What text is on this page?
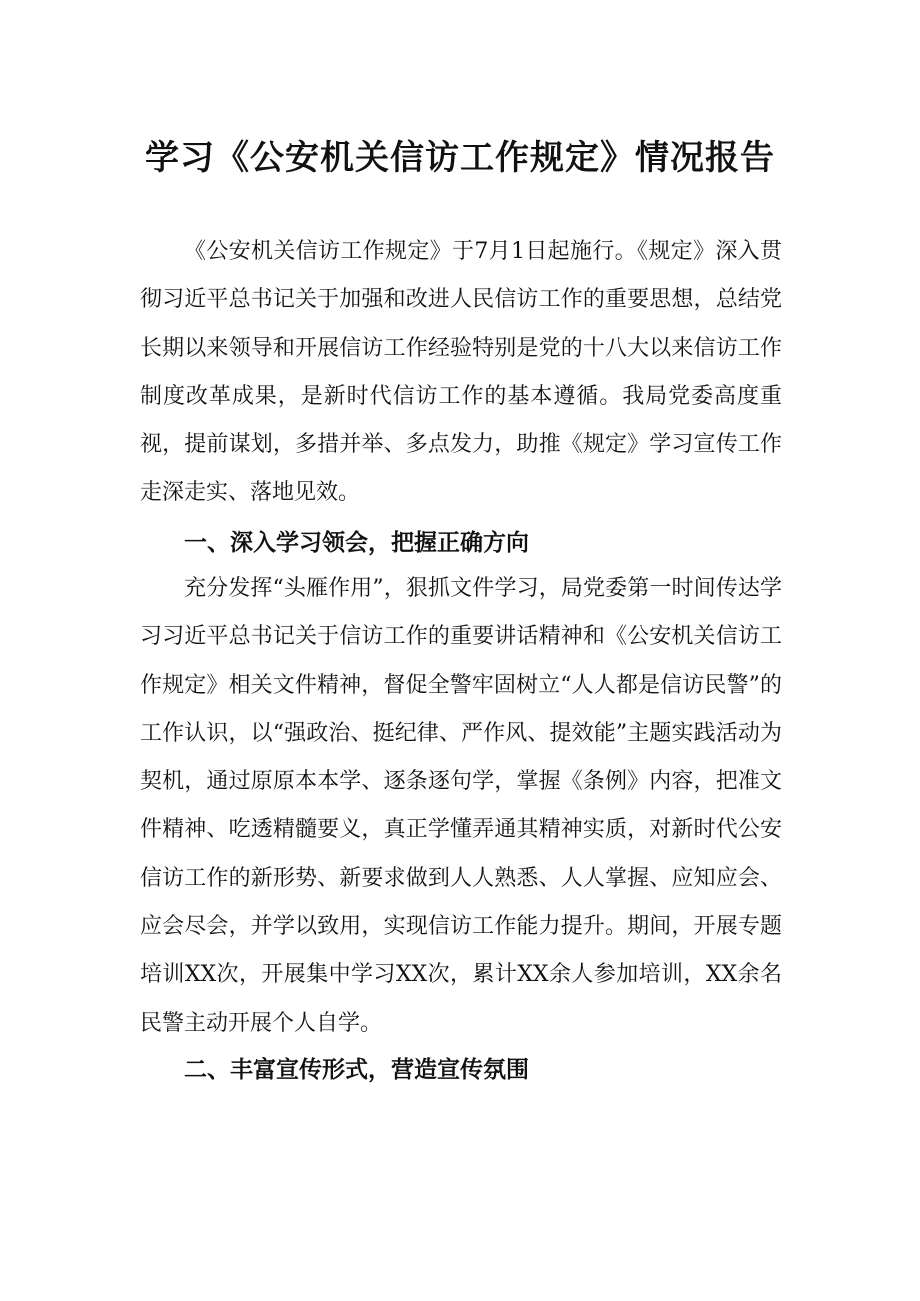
学习《公安机关信访工作规定》情况报告

《公安机关信访工作规定》于7月1日起施行。《规定》深入贯彻习近平总书记关于加强和改进人民信访工作的重要思想，总结党长期以来领导和开展信访工作经验特别是党的十八大以来信访工作制度改革成果，是新时代信访工作的基本遵循。我局党委高度重视，提前谋划，多措并举、多点发力，助推《规定》学习宣传工作走深走实、落地见效。

一、深入学习领会，把握正确方向

充分发挥“头雁作用”，狠抓文件学习，局党委第一时间传达学习习近平总书记关于信访工作的重要讲话精神和《公安机关信访工作规定》相关文件精神，督促全警牢固树立“人人都是信访民警”的工作认识，以“强政治、挺纪律、严作风、提效能”主题实践活动为契机，通过原原本本学、逐条逐句学，掌握《条例》内容，把准文件精神、吃透精髓要义，真正学懂弄通其精神实质，对新时代公安信访工作的新形势、新要求做到人人熟悉、人人掌握、应知应会、应会尽会，并学以致用，实现信访工作能力提升。期间，开展专题培训XX次，开展集中学习XX次，累计XX余人参加培训，XX余名民警主动开展个人自学。

二、丰富宣传形式，营造宣传氛围
